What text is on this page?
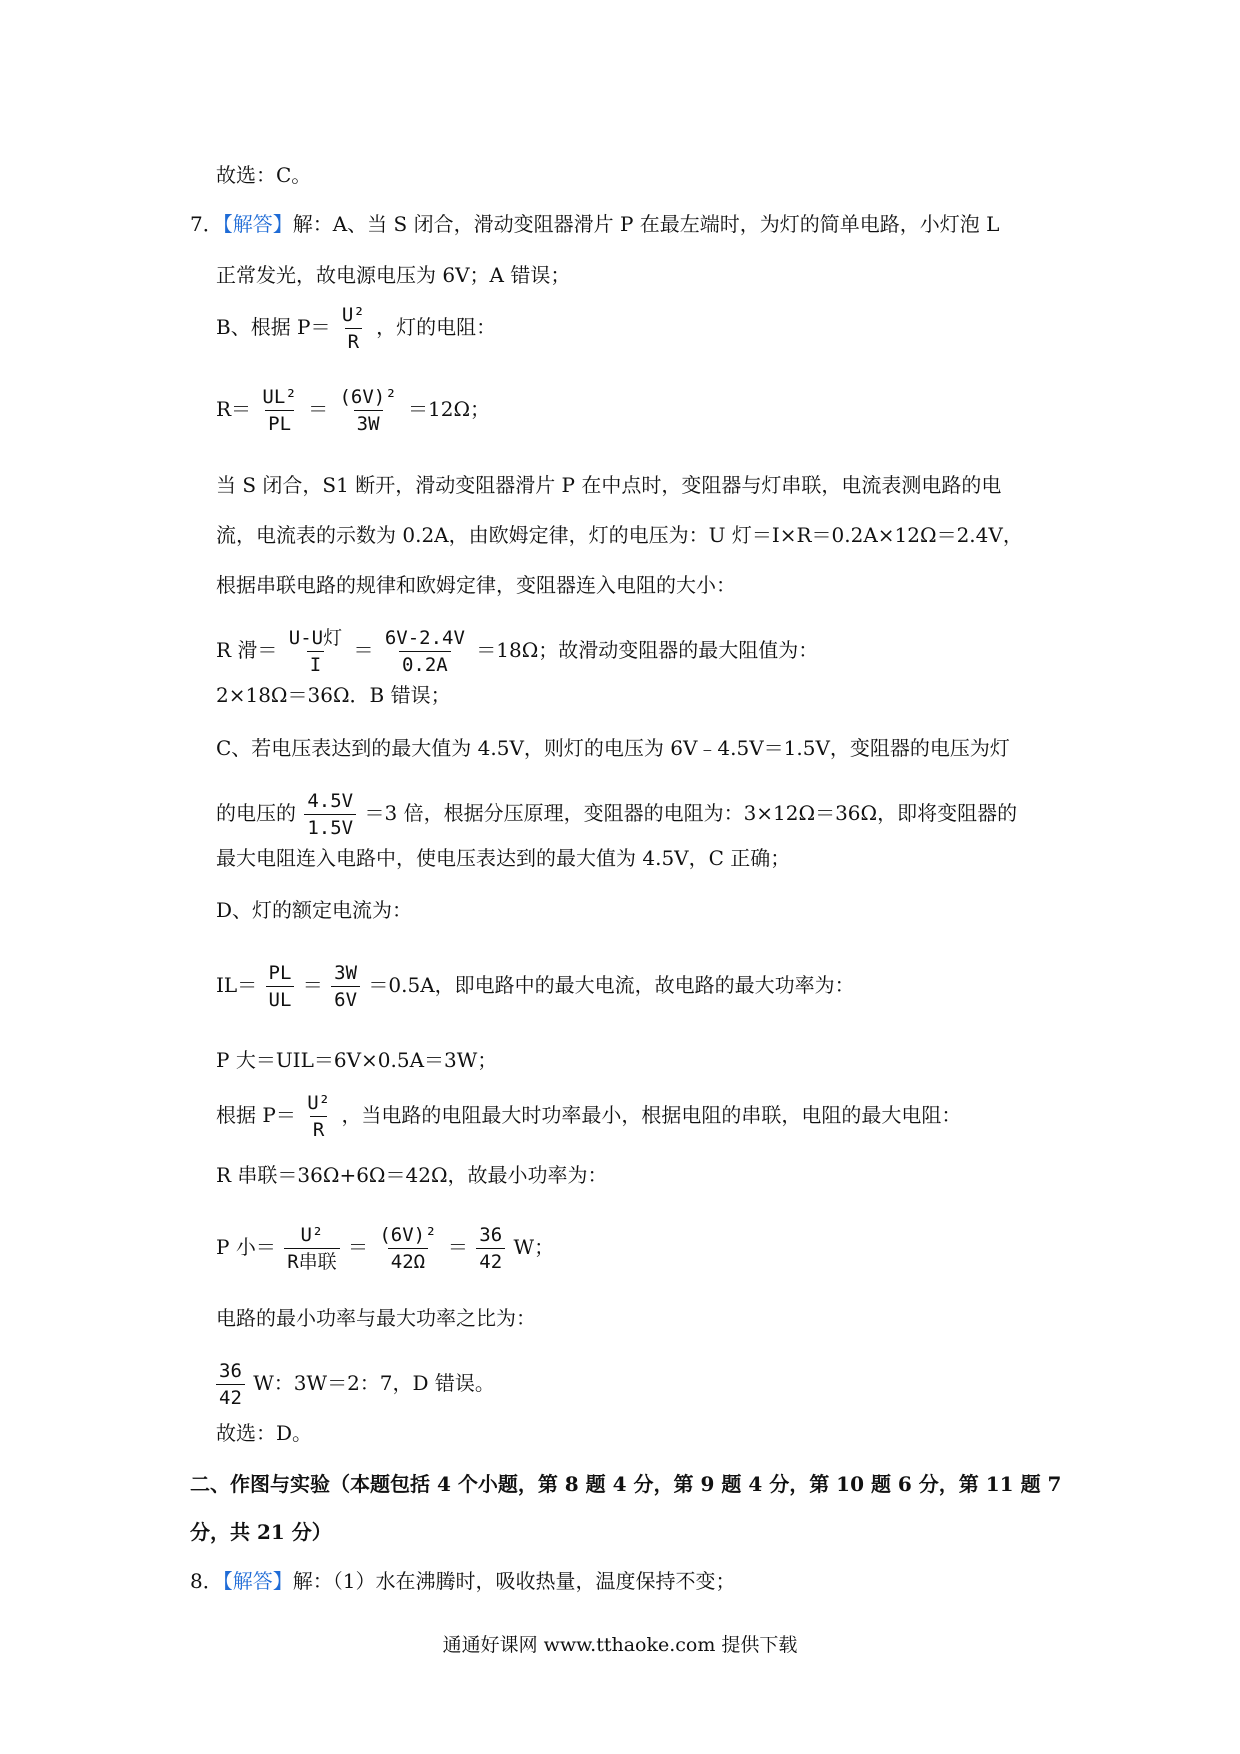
故选：C。
7．【解答】解：A、当 S 闭合，滑动变阻器滑片 P 在最左端时，为灯的简单电路，小灯泡 L
正常发光，故电源电压为 6V；A 错误；
B、根据 $P= \frac{\text{U²}}{R}$ ，灯的电阻：
$R= \frac{\text{UL²}}{PL} = \frac{\text{(6V)²}}{3W} =12\Omega$；
当 S 闭合，S1 断开，滑动变阻器滑片 P 在中点时，变阻器与灯串联，电流表测电路的电
流，电流表的示数为 0.2A，由欧姆定律，灯的电压为：U 灯＝I×R＝0.2A×12Ω＝2.4V，
根据串联电路的规律和欧姆定律，变阻器连入电阻的大小：
R 滑＝ $\frac{\text{U-U灯}}{I} = \frac{6V-2.4V}{0.2A} =18\Omega$；故滑动变阻器的最大阻值为：
2×18Ω＝36Ω．B 错误；
C、若电压表达到的最大值为 4.5V，则灯的电压为 6V﹣4.5V＝1.5V，变阻器的电压为灯
的电压的 $\frac{4.5V}{1.5V} =3$ 倍，根据分压原理，变阻器的电阻为：3×12Ω＝36Ω，即将变阻器的
最大电阻连入电路中，使电压表达到的最大值为 4.5V，C 正确；
D、灯的额定电流为：
$IL= \frac{PL}{UL} = \frac{3W}{6V} =0.5A$，即电路中的最大电流，故电路的最大功率为：
P 大＝UIL＝6V×0.5A＝3W；
根据 $P= \frac{\text{U²}}{R}$ ，当电路的电阻最大时功率最小，根据电阻的串联，电阻的最大电阻：
R 串联＝36Ω+6Ω＝42Ω，故最小功率为：
P 小＝ $\frac{\text{U²}}{\text{R串联}} = \frac{\text{(6V)²}}{42\Omega} = \frac{36}{42}$ W；
电路的最小功率与最大功率之比为：
$\frac{36}{42}$ W：3W＝2：7，D 错误。
故选：D。
二、作图与实验（本题包括 4 个小题，第 8 题 4 分，第 9 题 4 分，第 10 题 6 分，第 11 题 7
分，共 21 分）
8．【解答】解：（1）水在沸腾时，吸收热量，温度保持不变；
通通好课网 www.tthaoke.com 提供下载
